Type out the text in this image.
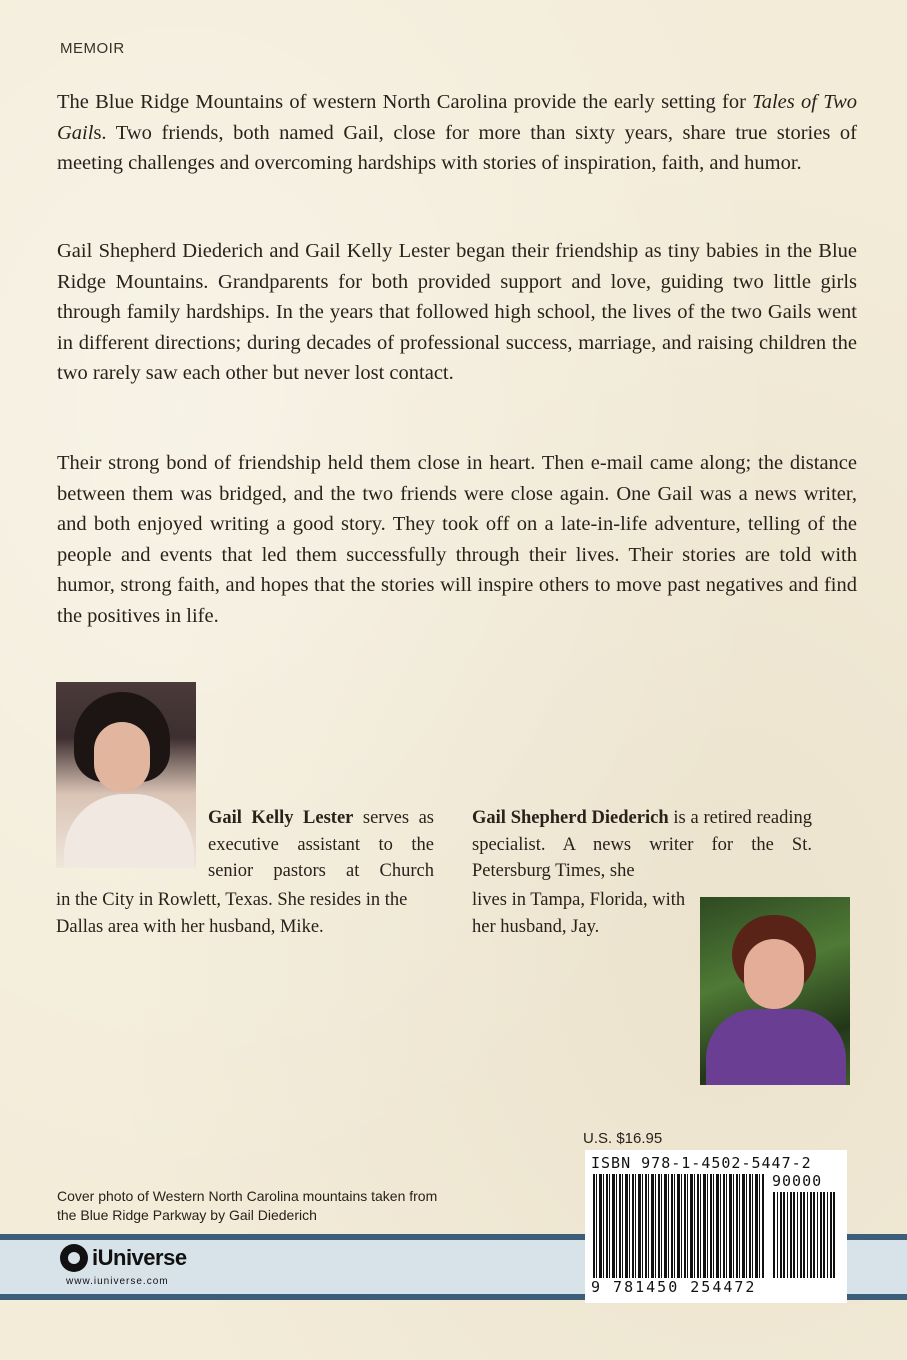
MEMOIR

The Blue Ridge Mountains of western North Carolina provide the early setting for Tales of Two Gails. Two friends, both named Gail, close for more than sixty years, share true stories of meeting challenges and overcoming hardships with stories of inspiration, faith, and humor.

Gail Shepherd Diederich and Gail Kelly Lester began their friendship as tiny babies in the Blue Ridge Mountains. Grandparents for both provided support and love, guiding two little girls through family hardships. In the years that followed high school, the lives of the two Gails went in different directions; during decades of professional success, marriage, and raising children the two rarely saw each other but never lost contact.

Their strong bond of friendship held them close in heart. Then e-mail came along; the distance between them was bridged, and the two friends were close again. One Gail was a news writer, and both enjoyed writing a good story. They took off on a late-in-life adventure, telling of the people and events that led them successfully through their lives. Their stories are told with humor, strong faith, and hopes that the stories will inspire others to move past negatives and find the positives in life.

Gail Kelly Lester serves as executive assistant to the senior pastors at Church

in the City in Rowlett, Texas. She resides in the Dallas area with her husband, Mike.

Gail Shepherd Diederich is a retired reading specialist. A news writer for the St. Petersburg Times, she

lives in Tampa, Florida, with her husband, Jay.

U.S. $16.95
ISBN 978-1-4502-5447-2
90000
9 781450 254472

Cover photo of Western North Carolina mountains taken from the Blue Ridge Parkway by Gail Diederich

iUniverse
www.iuniverse.com
